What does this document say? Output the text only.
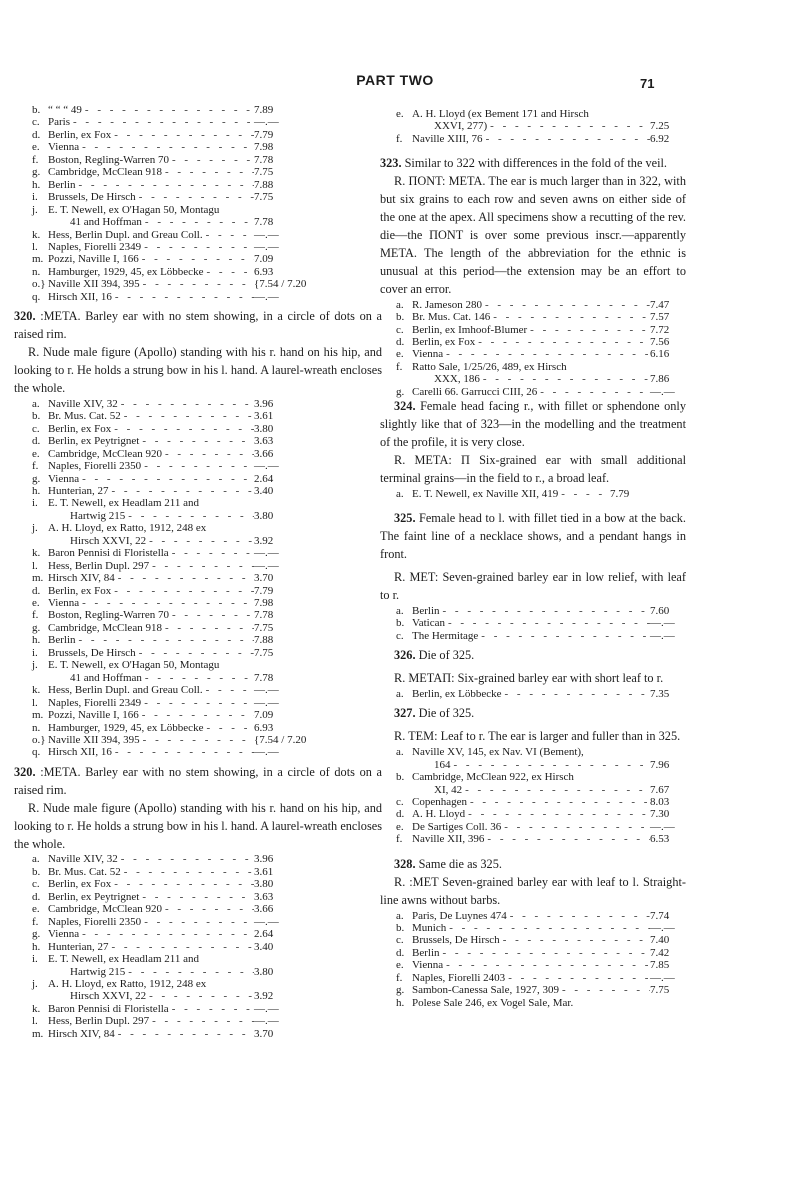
PART TWO	71
b. “ “ “ 49 - - -	7.89
c. Paris - - -	—.—
d. Berlin, ex Fox - - -	7.79
e. Vienna - - -	7.98
f. Boston, Regling-Warren 70 - - -	7.78
g. Cambridge, McClean 918 - - -	7.75
h. Berlin - - -	7.88
i. Brussels, De Hirsch - - -	7.75
j. E. T. Newell, ex O'Hagan 50, Montagu
41 and Hoffman - - -	7.78
k. Hess, Berlin Dupl. and Greau Coll. - - -	—.—
l. Naples, Fiorelli 2349 - - -	—.—
m. Pozzi, Naville I, 166 - - -	7.09
n. Hamburger, 1929, 45, ex Löbbecke - - -	6.93
o.} Naville XII 394, 395 - - -	{7.54 / 7.20
q. Hirsch XII, 16 - - -	—.—

320. :META. Barley ear with no stem showing, in a circle of dots on a raised rim.

R. Nude male figure (Apollo) standing with his r. hand on his hip, and looking to r. He holds a strung bow in his l. hand. A laurel-wreath encloses the whole.

a. Naville XIV, 32 - - -	3.96
b. Br. Mus. Cat. 52 - - -	3.61
c. Berlin, ex Fox - - -	3.80
d. Berlin, ex Peytrignet - - -	3.63
e. Cambridge, McClean 920 - - -	3.66
f. Naples, Fiorelli 2350 - - -	—.—
g. Vienna - - -	2.64
h. Hunterian, 27 - - -	3.40
i. E. T. Newell, ex Headlam 211 and
Hartwig 215 - - -	3.80
j. A. H. Lloyd, ex Ratto, 1912, 248 ex
Hirsch XXVI, 22 - - -	3.92
k. Baron Pennisi di Floristella - - -	—.—
l. Hess, Berlin Dupl. 297 - - -	—.—
m. Hirsch XIV, 84 - - -	3.70
d. Berlin, ex Fox - - -	7.79
e. Vienna - - -	7.98
f. Boston, Regling-Warren 70 - - -	7.78
g. Cambridge, McClean 918 - - -	7.75
h. Berlin - - -	7.88
i. Brussels, De Hirsch - - -	7.75
j. E. T. Newell, ex O'Hagan 50, Montagu
41 and Hoffman - - -	7.78
k. Hess, Berlin Dupl. and Greau Coll. - - -	—.—
l. Naples, Fiorelli 2349 - - -	—.—
m. Pozzi, Naville I, 166 - - -	7.09
n. Hamburger, 1929, 45, ex Löbbecke - - -	6.93
o.} Naville XII 394, 395 - - -	{7.54 / 7.20
q. Hirsch XII, 16 - - -	—.—

320. :META. Barley ear with no stem showing, in a circle of dots on a raised rim.

R. Nude male figure (Apollo) standing with his r. hand on his hip, and looking to r. He holds a strung bow in his l. hand. A laurel-wreath encloses the whole.

a. Naville XIV, 32 - - -	3.96
b. Br. Mus. Cat. 52 - - -	3.61
c. Berlin, ex Fox - - -	3.80
d. Berlin, ex Peytrignet - - -	3.63
e. Cambridge, McClean 920 - - -	3.66
f. Naples, Fiorelli 2350 - - -	—.—
g. Vienna - - -	2.64
h. Hunterian, 27 - - -	3.40
i. E. T. Newell, ex Headlam 211 and
Hartwig 215 - - -	3.80
j. A. H. Lloyd, ex Ratto, 1912, 248 ex
Hirsch XXVI, 22 - - -	3.92
k. Baron Pennisi di Floristella - - -	—.—
l. Hess, Berlin Dupl. 297 - - -	—.—
m. Hirsch XIV, 84 - - -	3.70
e. A. H. Lloyd (ex Bement 171 and Hirsch
XXVI, 277) - - -	7.25
f. Naville XIII, 76 - - -	6.92

323. Similar to 322 with differences in the fold of the veil.

R. ΠONT: META. The ear is much larger than in 322, with but six grains to each row and seven awns on either side of the one at the apex. All specimens show a recutting of the rev. die—the ΠONT is over some previous inscr.—apparently META. The length of the abbreviation for the ethnic is unusual at this period—the extension may be an effort to cover an error.

a. R. Jameson 280 - - -	7.47
b. Br. Mus. Cat. 146 - - -	7.57
c. Berlin, ex Imhoof-Blumer - - -	7.72
d. Berlin, ex Fox - - -	7.56
e. Vienna - - -	6.16
f. Ratto Sale, 1/25/26, 489, ex Hirsch
XXX, 186 - - -	7.86
g. Carelli 66. Garrucci CIII, 26 - - -	—.—

324. Female head facing r., with fillet or sphendone only slightly like that of 323—in the modelling and the treatment of the profile, it is very close.

R. META: Π Six-grained ear with small additional terminal grains—in the field to r., a broad leaf.

a. E. T. Newell, ex Naville XII, 419 - - -	7.79

325. Female head to l. with fillet tied in a bow at the back. The faint line of a necklace shows, and a pendant hangs in front.

R. MET: Seven-grained barley ear in low relief, with leaf to r.

a. Berlin - - -	7.60
b. Vatican - - -	—.—
c. The Hermitage - - -	—.—

326. Die of 325.

R. METAΠ: Six-grained barley ear with short leaf to r.

a. Berlin, ex Löbbecke - - -	7.35

327. Die of 325.

R. TEM: Leaf to r. The ear is larger and fuller than in 325.

a. Naville XV, 145, ex Nav. VI (Bement),
164 - - -	7.96
b. Cambridge, McClean 922, ex Hirsch
XI, 42 - - -	7.67
c. Copenhagen - - -	8.03
d. A. H. Lloyd - - -	7.30
e. De Sartiges Coll. 36 - - -	—.—
f. Naville XII, 396 - - -	6.53

328. Same die as 325.

R. :MET Seven-grained barley ear with leaf to l. Straight-line awns without barbs.

a. Paris, De Luynes 474 - - -	7.74
b. Munich - - -	—.—
c. Brussels, De Hirsch - - -	7.40
d. Berlin - - -	7.42
e. Vienna - - -	7.85
f. Naples, Fiorelli 2403 - - -	—.—
g. Sambon-Canessa Sale, 1927, 309 - - -	7.75
h. Polese Sale 246, ex Vogel Sale, Mar.
